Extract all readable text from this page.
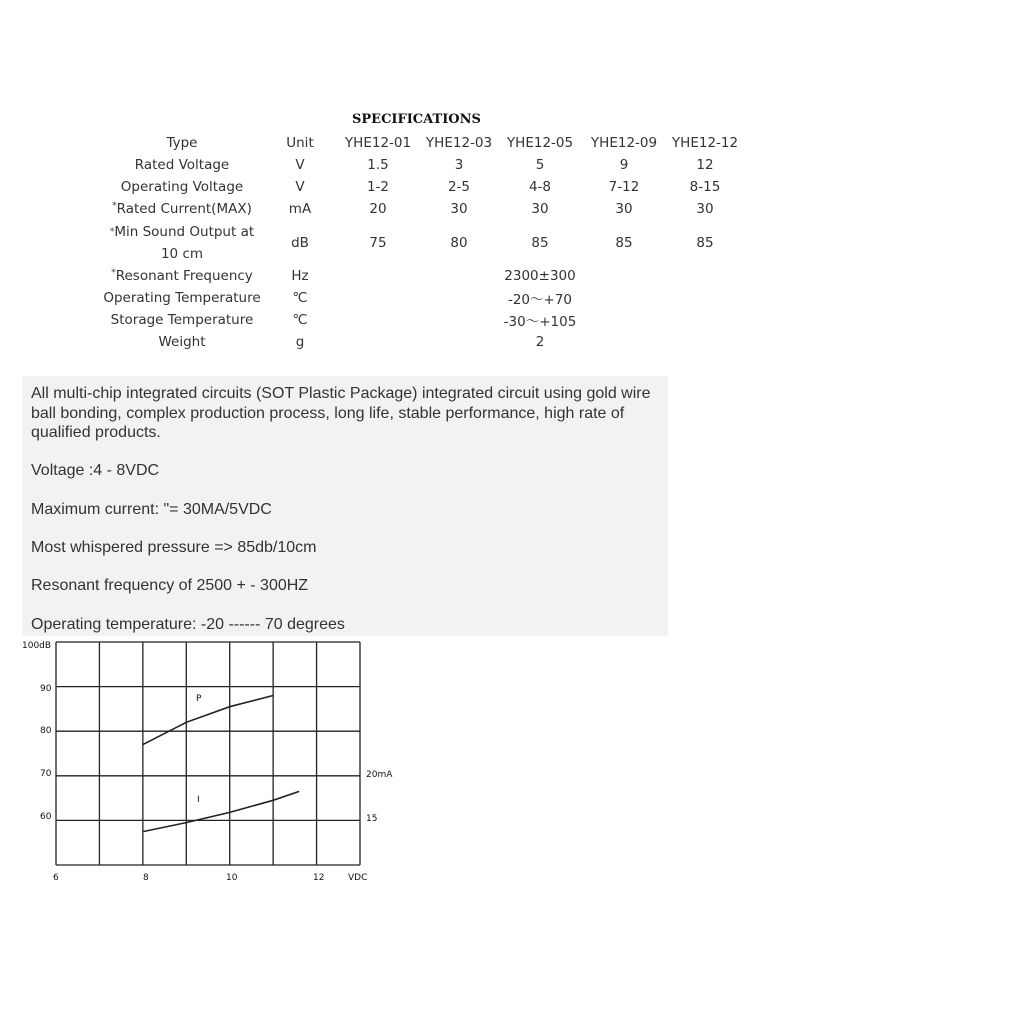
SPECIFICATIONS
Type	Unit	YHE12-01	YHE12-03	YHE12-05	YHE12-09	YHE12-12
Rated Voltage	V	1.5	3	5	9	12
Operating Voltage	V	1-2	2-5	4-8	7-12	8-15
*Rated Current(MAX)	mA	20	30	30	30	30
*Min Sound Output at 10 cm	dB	75	80	85	85	85
*Resonant Frequency	Hz	2300±300				
Operating Temperature	℃	-20～+70				
Storage Temperature	℃	-30～+105				
Weight	g	2				

All multi-chip integrated circuits (SOT Plastic Package) integrated circuit using gold wire ball bonding, complex production process, long life, stable performance, high rate of qualified products.

Voltage :4 - 8VDC

Maximum current: "= 30MA/5VDC

Most whispered pressure => 85db/10cm

Resonant frequency of 2500 + - 300HZ

Operating temperature: -20 ------ 70 degrees

P
I
100dB
90
80
70
60
20mA
15
6	8	10	12	VDC
